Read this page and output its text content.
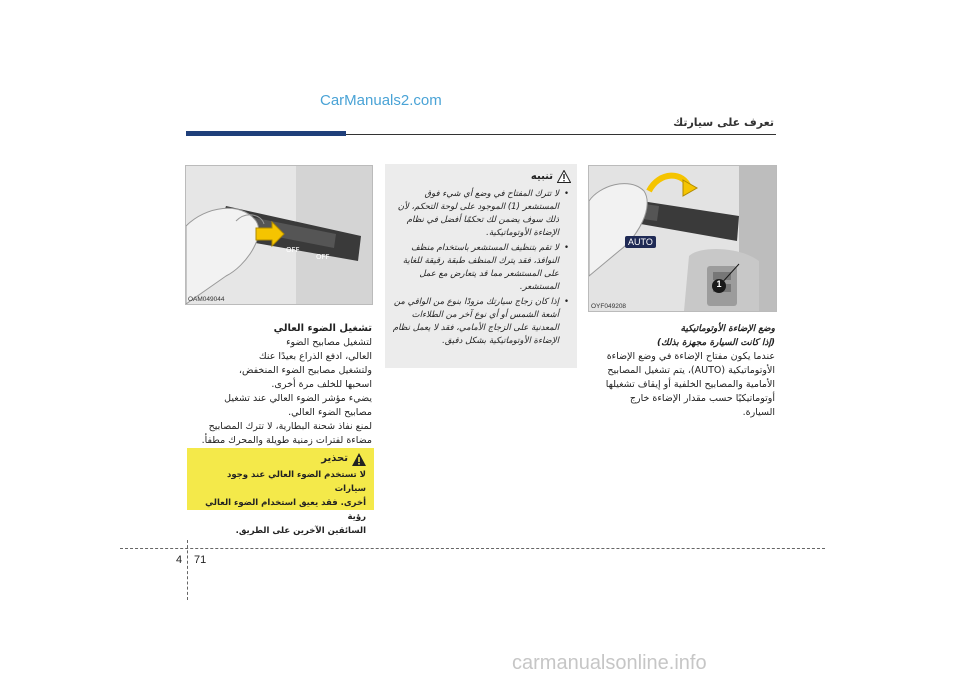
CarManuals2.com
تعرف على سيارتك
OFF
OFF
OAM049044
تشغيل الضوء العالي
لتشغيل مصابيح الضوء
العالي، ادفع الذراع بعيدًا عنك
ولتشغيل مصابيح الضوء المنخفض،
اسحبها للخلف مرة أخرى.
يضيء مؤشر الضوء العالي عند تشغيل
مصابيح الضوء العالي.
لمنع نفاذ شحنة البطارية، لا تترك المصابيح
مضاءة لفترات زمنية طويلة والمحرك مطفأ.
تحذير
لا تستخدم الضوء العالي عند وجود سيارات
أخرى. فقد يعيق استخدام الضوء العالي رؤية
السائقين الآخرين على الطريق.
تنبيه
• لا تترك المفتاح في وضع أي شيء فوق المستشعر (1) الموجود على لوحة التحكم، لأن ذلك سوف يضمن لك تحكمًا أفضل في نظام الإضاءة الأوتوماتيكية.
• لا تقم بتنظيف المستشعر باستخدام منظف النوافذ، فقد يترك المنظف طبقة رقيقة للغاية على المستشعر مما قد يتعارض مع عمل المستشعر.
• إذا كان زجاج سيارتك مزودًا بنوع من الواقي من أشعة الشمس أو أي نوع آخر من الطلاءات المعدنية على الزجاج الأمامي، فقد لا يعمل نظام الإضاءة الأوتوماتيكية بشكل دقيق.
AUTO
1
OYF049208
وضع الإضاءة الأوتوماتيكية
(إذا كانت السيارة مجهزة بذلك)
عندما يكون مفتاح الإضاءة في وضع الإضاءة
الأوتوماتيكية (AUTO)، يتم تشغيل المصابيح
الأمامية والمصابيح الخلفية أو إيقاف تشغيلها
أوتوماتيكيًا حسب مقدار الإضاءة خارج
السيارة.
4 71
carmanualsonline.info
